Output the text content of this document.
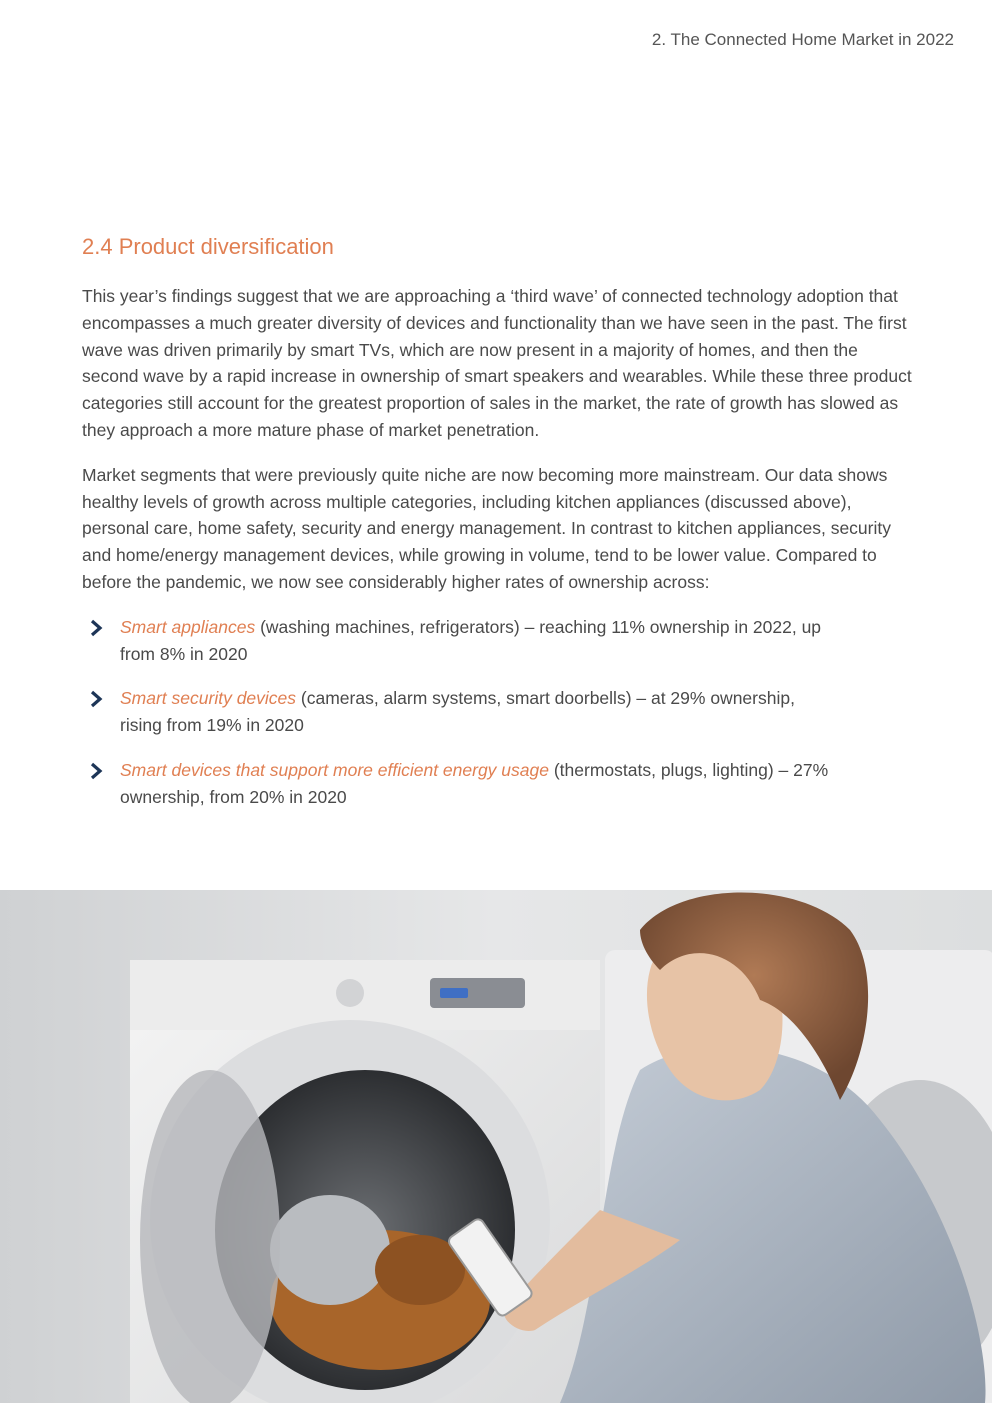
2. The Connected Home Market in 2022
2.4 Product diversification

This year’s findings suggest that we are approaching a ‘third wave’ of connected technology adoption that encompasses a much greater diversity of devices and functionality than we have seen in the past. The first wave was driven primarily by smart TVs, which are now present in a majority of homes, and then the second wave by a rapid increase in ownership of smart speakers and wearables. While these three product categories still account for the greatest proportion of sales in the market, the rate of growth has slowed as they approach a more mature phase of market penetration.

Market segments that were previously quite niche are now becoming more mainstream. Our data shows healthy levels of growth across multiple categories, including kitchen appliances (discussed above), personal care, home safety, security and energy management. In contrast to kitchen appliances, security and home/energy management devices, while growing in volume, tend to be lower value. Compared to before the pandemic, we now see considerably higher rates of ownership across:

Smart appliances (washing machines, refrigerators) – reaching 11% ownership in 2022, up from 8% in 2020
Smart security devices (cameras, alarm systems, smart doorbells) – at 29% ownership, rising from 19% in 2020
Smart devices that support more efficient energy usage (thermostats, plugs, lighting) – 27% ownership, from 20% in 2020
